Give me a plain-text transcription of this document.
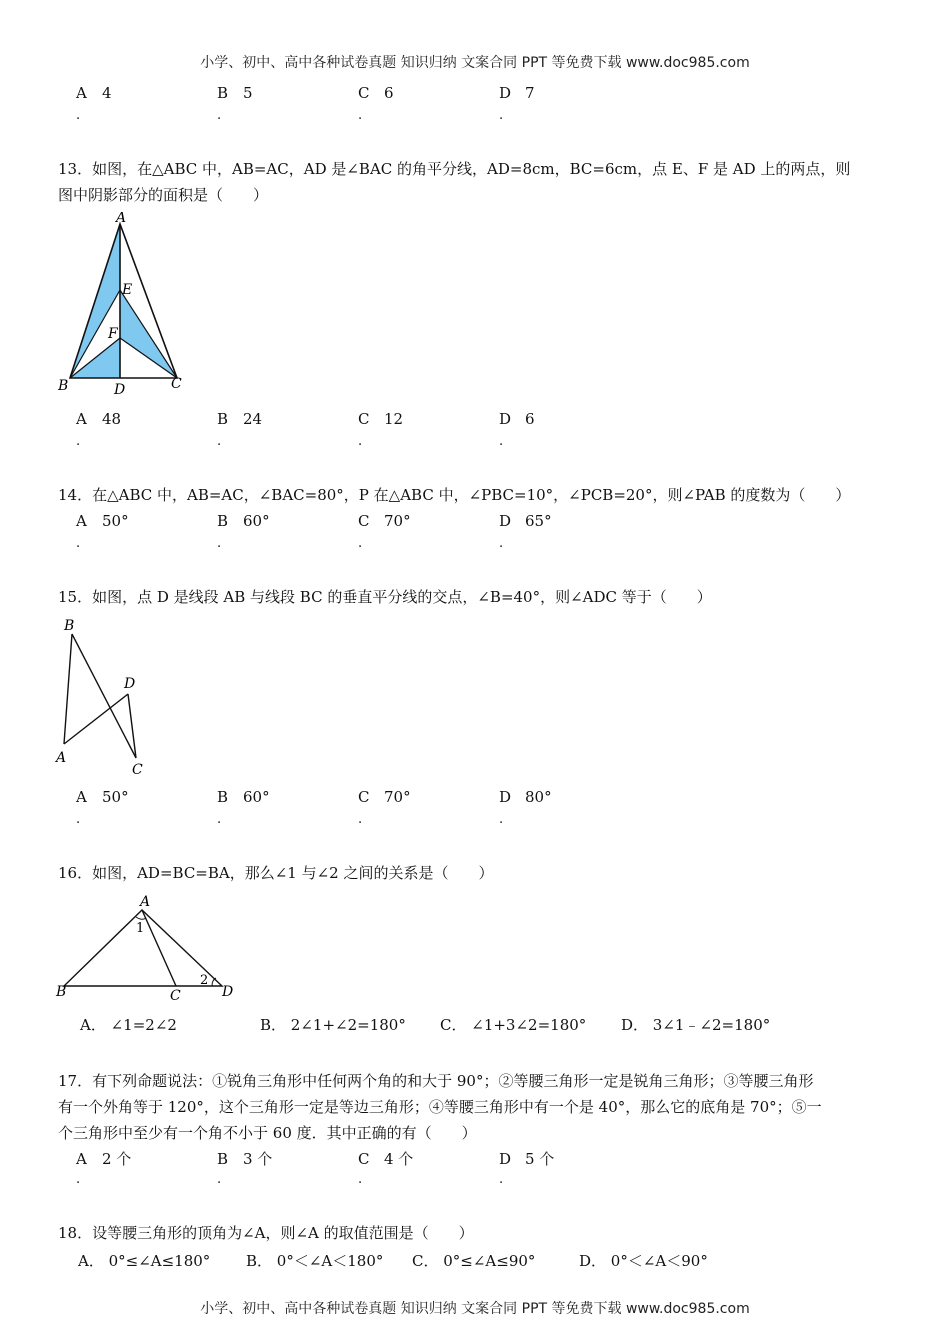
小学、初中、高中各种试卷真题 知识归纳 文案合同 PPT 等免费下载 www.doc985.com
A 4
.
B 5
.
C 6
.
D 7
.
13．如图，在△ABC 中，AB=AC，AD 是∠BAC 的角平分线，AD=8cm，BC=6cm，点 E、F 是 AD 上的两点，则
图中阴影部分的面积是（　　）
A
E
F
B	D	C
A 48
.
B 24
.
C 12
.
D 6
.
14．在△ABC 中，AB=AC，∠BAC=80°，P 在△ABC 中，∠PBC=10°，∠PCB=20°，则∠PAB 的度数为（　　）
A 50°
.
B 60°
.
C 70°
.
D 65°
.
15．如图，点 D 是线段 AB 与线段 BC 的垂直平分线的交点，∠B=40°，则∠ADC 等于（　　）
B
D
A
C
A 50°
.
B 60°
.
C 70°
.
D 80°
.
16．如图，AD=BC=BA，那么∠1 与∠2 之间的关系是（　　）
A
1
2
B	C	D
A． ∠1=2∠2	B． 2∠1+∠2=180° C． ∠1+3∠2=180° D． 3∠1﹣∠2=180°
17．有下列命题说法：①锐角三角形中任何两个角的和大于 90°；②等腰三角形一定是锐角三角形；③等腰三角形
有一个外角等于 120°，这个三角形一定是等边三角形；④等腰三角形中有一个是 40°，那么它的底角是 70°；⑤一
个三角形中至少有一个角不小于 60 度．其中正确的有（　　）
A 2 个
.
B 3 个
.
C 4 个
.
D 5 个
.
18．设等腰三角形的顶角为∠A，则∠A 的取值范围是（　　）
A． 0°≤∠A≤180° B． 0°＜∠A＜180° C． 0°≤∠A≤90°	D． 0°＜∠A＜90°
小学、初中、高中各种试卷真题 知识归纳 文案合同 PPT 等免费下载 www.doc985.com
